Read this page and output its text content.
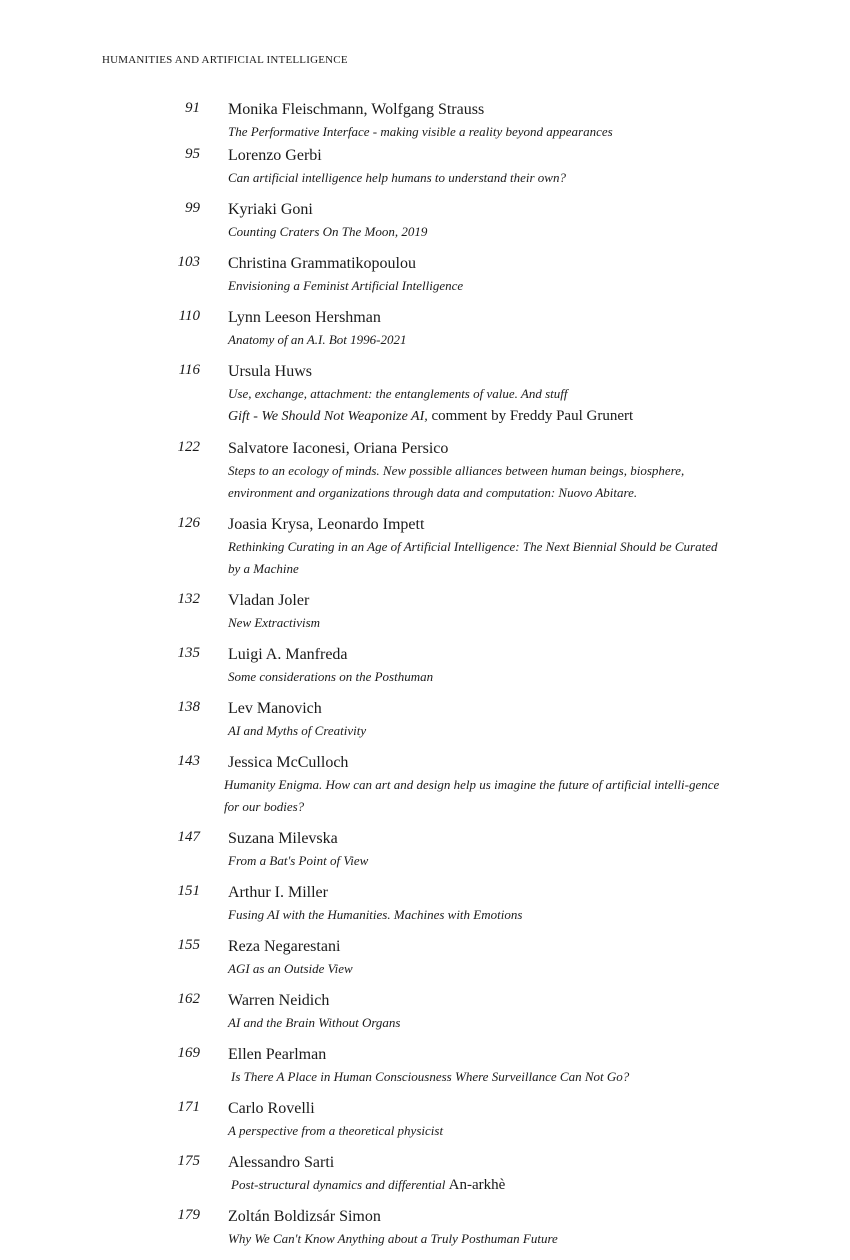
HUMANITIES AND ARTIFICIAL INTELLIGENCE
91 Monika Fleischmann, Wolfgang Strauss
The Performative Interface - making visible a reality beyond appearances
95 Lorenzo Gerbi
Can artificial intelligence help humans to understand their own?
99 Kyriaki Goni
Counting Craters On The Moon, 2019
103 Christina Grammatikopoulou
Envisioning a Feminist Artificial Intelligence
110 Lynn Leeson Hershman
Anatomy of an A.I. Bot 1996-2021
116 Ursula Huws
Use, exchange, attachment: the entanglements of value. And stuff
Gift - We Should Not Weaponize AI, comment by Freddy Paul Grunert
122 Salvatore Iaconesi, Oriana Persico
Steps to an ecology of minds. New possible alliances between human beings, biosphere, environment and organizations through data and computation: Nuovo Abitare.
126 Joasia Krysa, Leonardo Impett
Rethinking Curating in an Age of Artificial Intelligence: The Next Biennial Should be Curated by a Machine
132 Vladan Joler
New Extractivism
135 Luigi A. Manfreda
Some considerations on the Posthuman
138 Lev Manovich
AI and Myths of Creativity
143 Jessica McCulloch
Humanity Enigma. How can art and design help us imagine the future of artificial intelli-gence for our bodies?
147 Suzana Milevska
From a Bat's Point of View
151 Arthur I. Miller
Fusing AI with the Humanities. Machines with Emotions
155 Reza Negarestani
AGI as an Outside View
162 Warren Neidich
AI and the Brain Without Organs
169 Ellen Pearlman
Is There A Place in Human Consciousness Where Surveillance Can Not Go?
171 Carlo Rovelli
A perspective from a theoretical physicist
175 Alessandro Sarti
Post-structural dynamics and differential An-arkhè
179 Zoltán Boldizsár Simon
Why We Can't Know Anything about a Truly Posthuman Future
